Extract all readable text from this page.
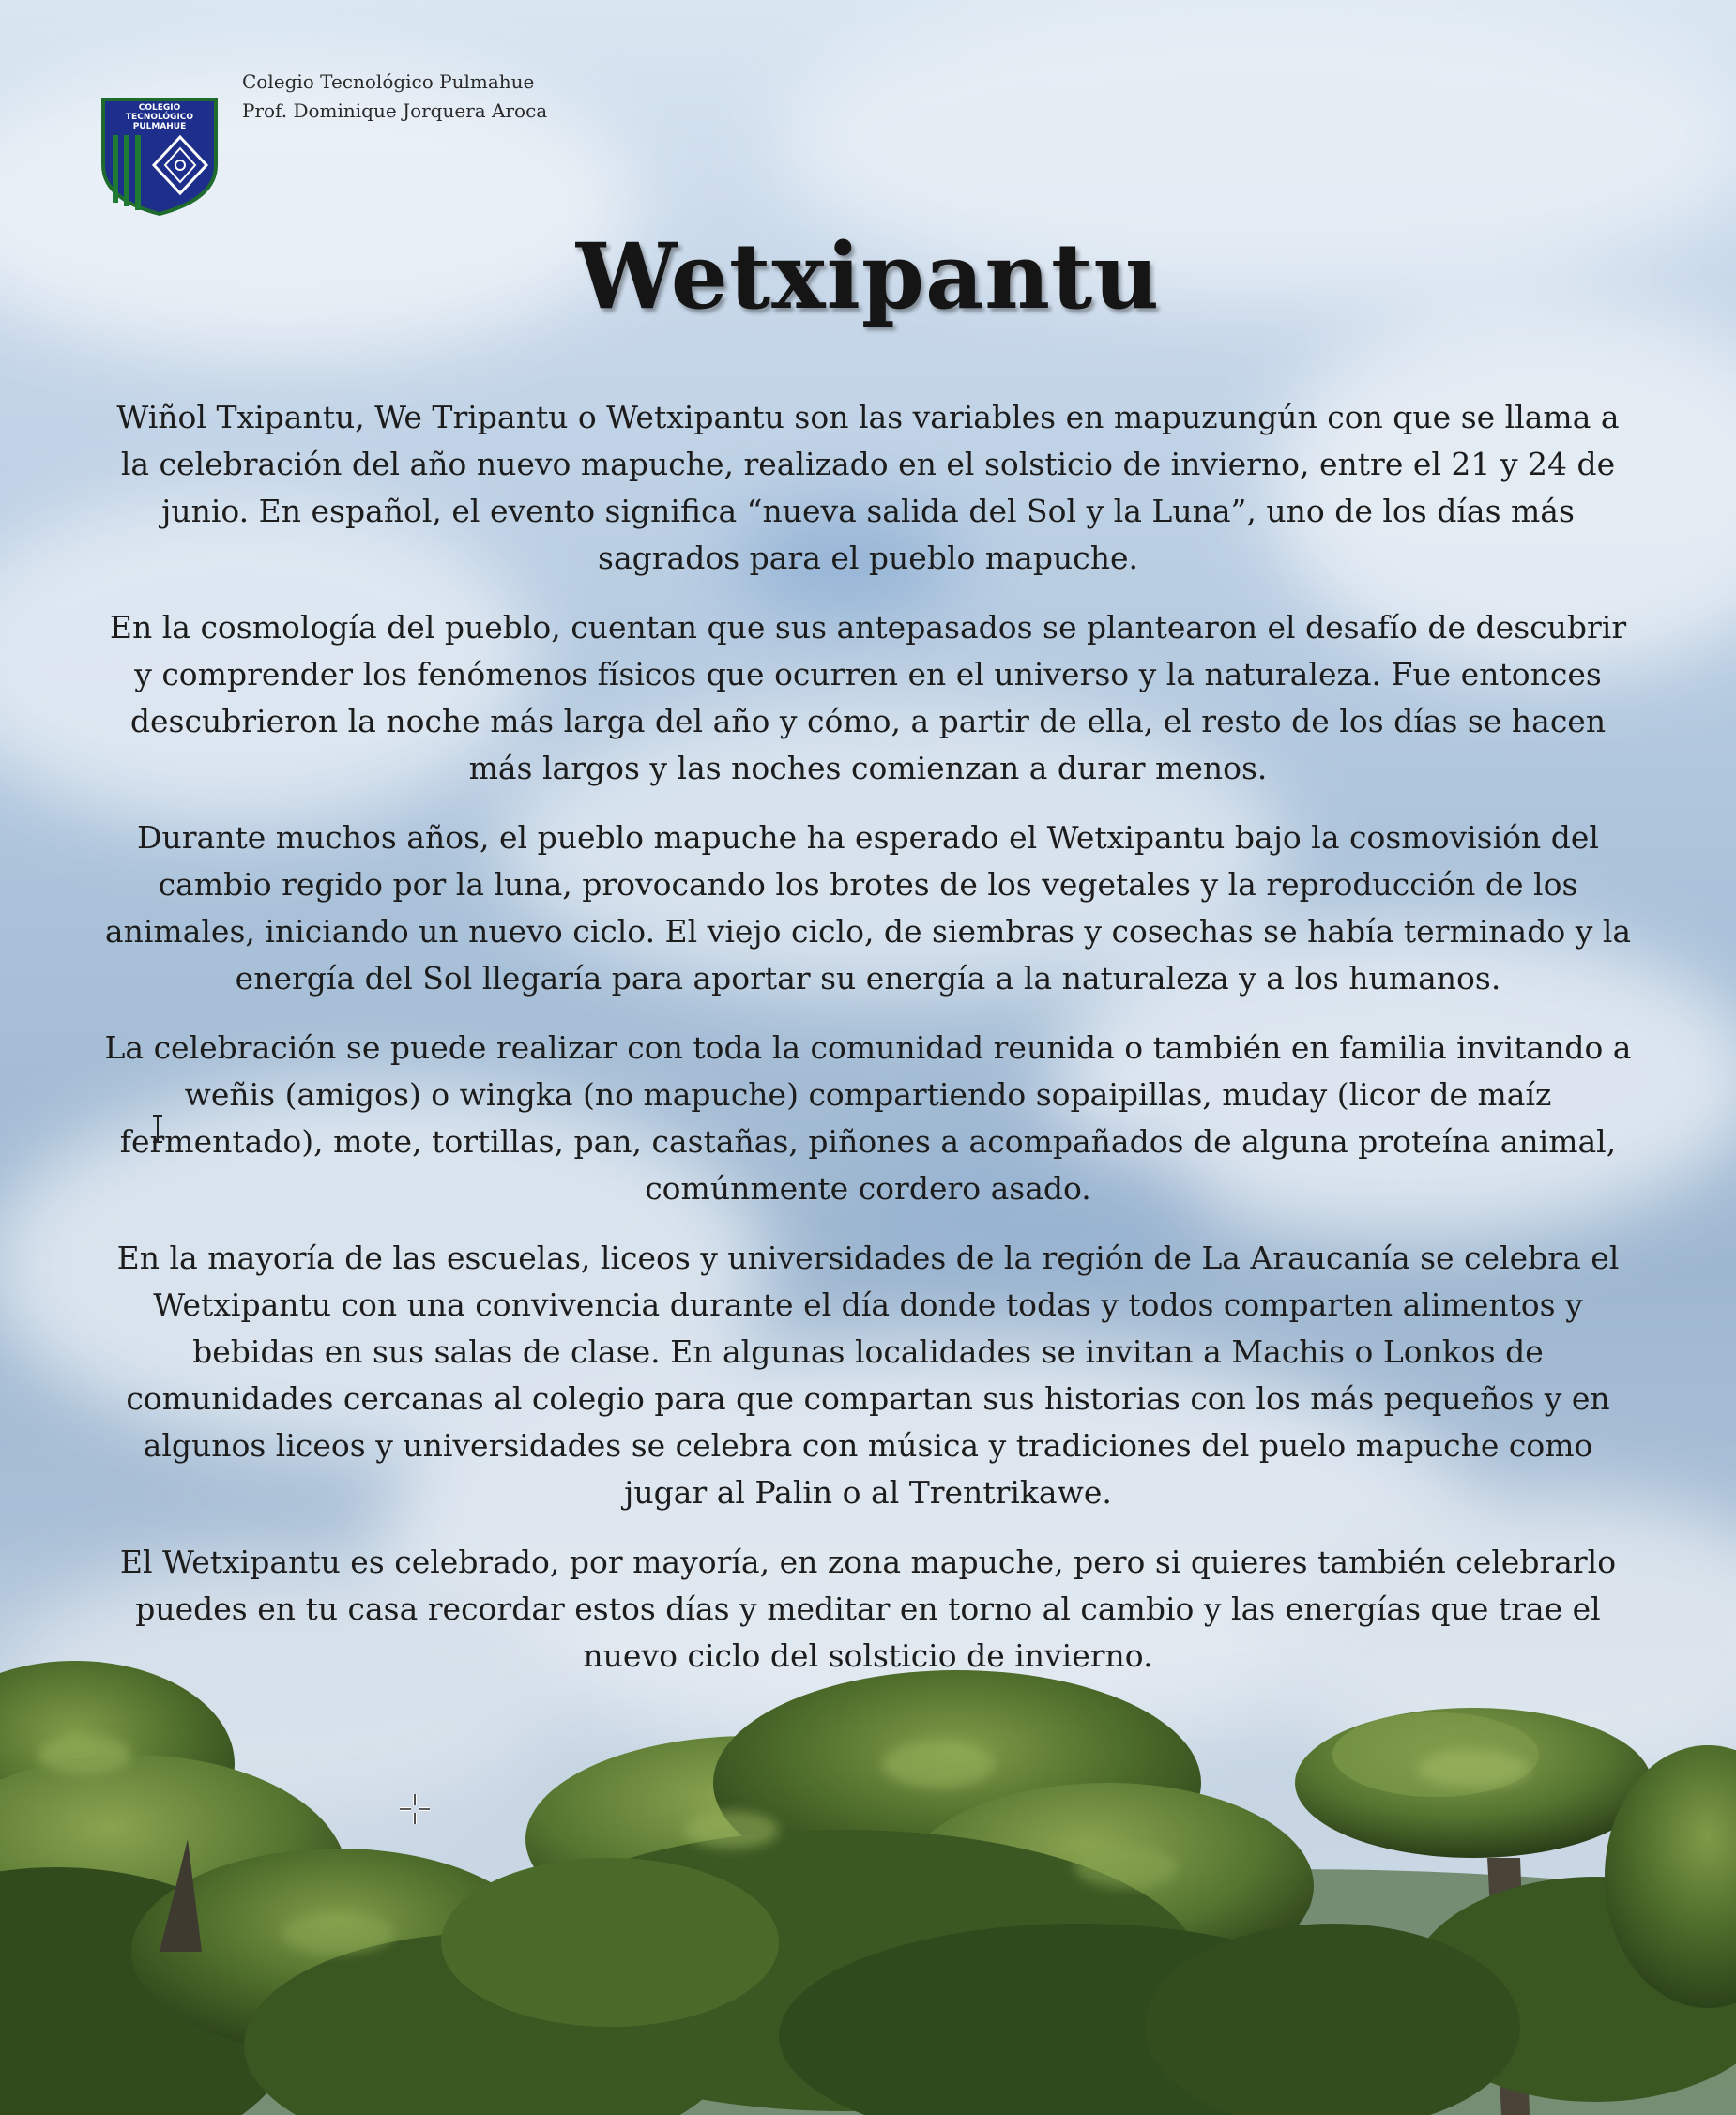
COLEGIO
TECNOLÓGICO
PULMAHUE
Colegio Tecnológico Pulmahue
Prof. Dominique Jorquera Aroca
Wetxipantu

Wiñol Txipantu, We Tripantu o Wetxipantu son las variables en mapuzungún con que se llama a la celebración del año nuevo mapuche, realizado en el solsticio de invierno, entre el 21 y 24 de junio. En español, el evento significa “nueva salida del Sol y la Luna”, uno de los días más sagrados para el pueblo mapuche.

En la cosmología del pueblo, cuentan que sus antepasados se plantearon el desafío de descubrir y comprender los fenómenos físicos que ocurren en el universo y la naturaleza. Fue entonces descubrieron la noche más larga del año y cómo, a partir de ella, el resto de los días se hacen más largos y las noches comienzan a durar menos.

Durante muchos años, el pueblo mapuche ha esperado el Wetxipantu bajo la cosmovisión del cambio regido por la luna, provocando los brotes de los vegetales y la reproducción de los animales, iniciando un nuevo ciclo. El viejo ciclo, de siembras y cosechas se había terminado y la energía del Sol llegaría para aportar su energía a la naturaleza y a los humanos.

La celebración se puede realizar con toda la comunidad reunida o también en familia invitando a weñis (amigos) o wingka (no mapuche) compartiendo sopaipillas, muday (licor de maíz fermentado), mote, tortillas, pan, castañas, piñones a acompañados de alguna proteína animal, comúnmente cordero asado.

En la mayoría de las escuelas, liceos y universidades de la región de La Araucanía se celebra el Wetxipantu con una convivencia durante el día donde todas y todos comparten alimentos y bebidas en sus salas de clase. En algunas localidades se invitan a Machis o Lonkos de comunidades cercanas al colegio para que compartan sus historias con los más pequeños y en algunos liceos y universidades se celebra con música y tradiciones del puelo mapuche como jugar al Palin o al Trentrikawe.

El Wetxipantu es celebrado, por mayoría, en zona mapuche, pero si quieres también celebrarlo puedes en tu casa recordar estos días y meditar en torno al cambio y las energías que trae el nuevo ciclo del solsticio de invierno.
